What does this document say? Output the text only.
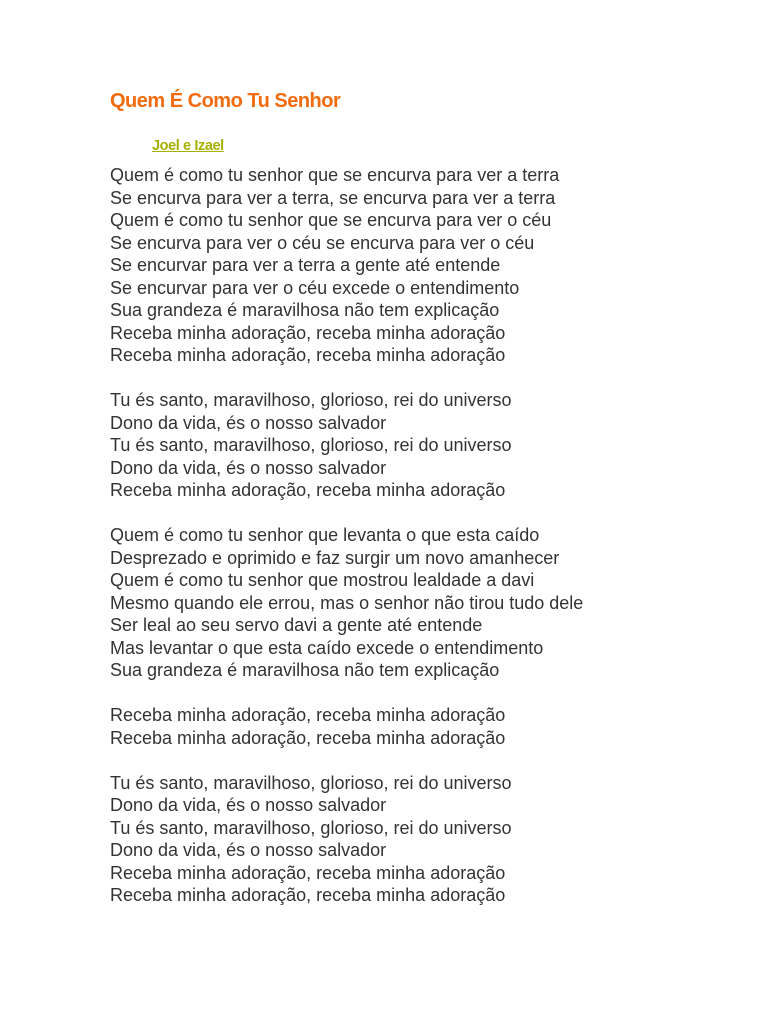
Quem É Como Tu Senhor
Joel e Izael
Quem é como tu senhor que se encurva para ver a terra
Se encurva para ver a terra, se encurva para ver a terra
Quem é como tu senhor que se encurva para ver o céu
Se encurva para ver o céu se encurva para ver o céu
Se encurvar para ver a terra a gente até entende
Se encurvar para ver o céu excede o entendimento
Sua grandeza é maravilhosa não tem explicação
Receba minha adoração, receba minha adoração
Receba minha adoração, receba minha adoração
Tu és santo, maravilhoso, glorioso, rei do universo
Dono da vida, és o nosso salvador
Tu és santo, maravilhoso, glorioso, rei do universo
Dono da vida, és o nosso salvador
Receba minha adoração, receba minha adoração
Quem é como tu senhor que levanta o que esta caído
Desprezado e oprimido e faz surgir um novo amanhecer
Quem é como tu senhor que mostrou lealdade a davi
Mesmo quando ele errou, mas o senhor não tirou tudo dele
Ser leal ao seu servo davi a gente até entende
Mas levantar o que esta caído excede o entendimento
Sua grandeza é maravilhosa não tem explicação
Receba minha adoração, receba minha adoração
Receba minha adoração, receba minha adoração
Tu és santo, maravilhoso, glorioso, rei do universo
Dono da vida, és o nosso salvador
Tu és santo, maravilhoso, glorioso, rei do universo
Dono da vida, és o nosso salvador
Receba minha adoração, receba minha adoração
Receba minha adoração, receba minha adoração
